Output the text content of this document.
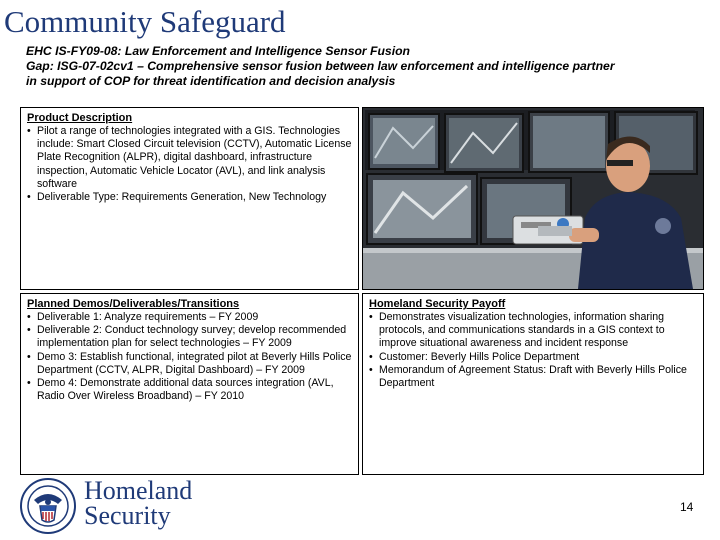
Community Safeguard
EHC IS-FY09-08: Law Enforcement and Intelligence Sensor Fusion
Gap: ISG-07-02cv1 – Comprehensive sensor fusion between law enforcement and intelligence partner
in support of COP for threat identification and decision analysis
Product Description
• Pilot a range of technologies integrated with a GIS. Technologies include: Smart Closed Circuit television (CCTV), Automatic License Plate Recognition (ALPR), digital dashboard, infrastructure inspection, Automatic Vehicle Locator (AVL), and link analysis software
• Deliverable Type: Requirements Generation, New Technology
Planned Demos/Deliverables/Transitions
• Deliverable 1: Analyze requirements – FY 2009
• Deliverable 2: Conduct technology survey; develop recommended implementation plan for select technologies – FY 2009
• Demo 3: Establish functional, integrated pilot at Beverly Hills Police Department (CCTV, ALPR, Digital Dashboard) – FY 2009
• Demo 4: Demonstrate additional data sources integration (AVL, Radio Over Wireless Broadband) – FY 2010
Homeland Security Payoff
• Demonstrates visualization technologies, information sharing protocols, and communications standards in a GIS context to improve situational awareness and incident response
• Customer: Beverly Hills Police Department
• Memorandum of Agreement Status: Draft with Beverly Hills Police Department
Homeland
Security	14
